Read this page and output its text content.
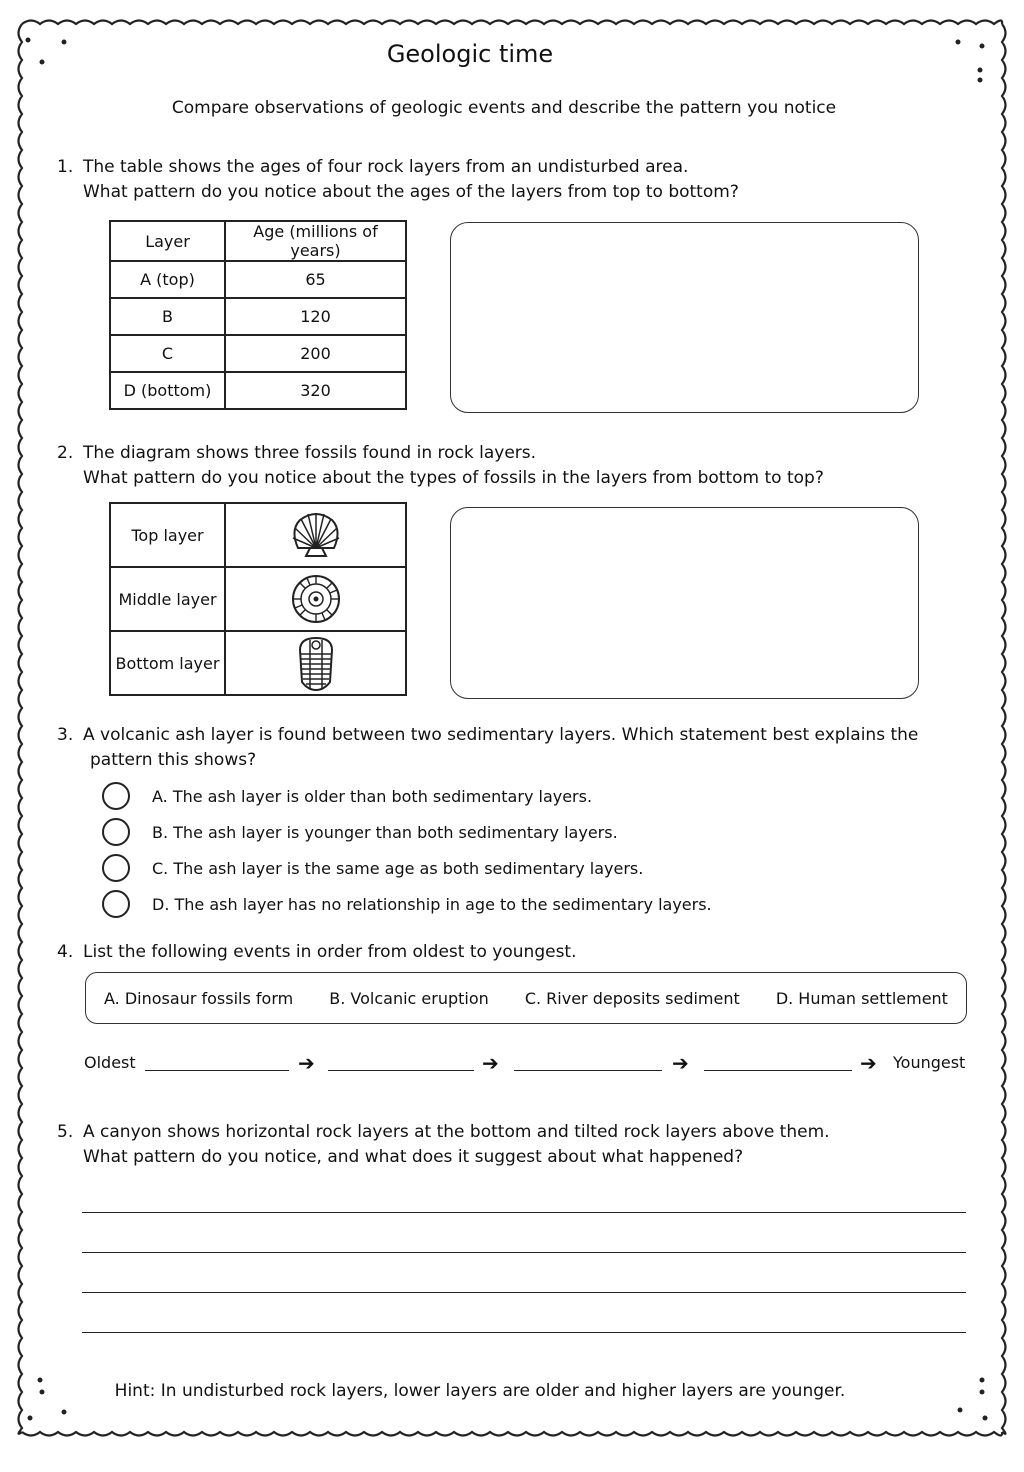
Geologic time
Compare observations of geologic events and describe the pattern you notice
1. The table shows the ages of four rock layers from an undisturbed area.
What pattern do you notice about the ages of the layers from top to bottom?
Layer	Age (millions of years)
A (top)	65
B	120
C	200
D (bottom)	320
2. The diagram shows three fossils found in rock layers.
What pattern do you notice about the types of fossils in the layers from bottom to top?
Top layer	

Middle layer	

Bottom layer	
3. A volcanic ash layer is found between two sedimentary layers. Which statement best explains the
pattern this shows?
A. The ash layer is older than both sedimentary layers.
B. The ash layer is younger than both sedimentary layers.
C. The ash layer is the same age as both sedimentary layers.
D. The ash layer has no relationship in age to the sedimentary layers.
4. List the following events in order from oldest to youngest.
A. Dinosaur fossils form B. Volcanic eruption C. River deposits sediment D. Human settlement
Oldest	➔	➔	➔	➔ Youngest
5. A canyon shows horizontal rock layers at the bottom and tilted rock layers above them.
What pattern do you notice, and what does it suggest about what happened?
Hint: In undisturbed rock layers, lower layers are older and higher layers are younger.
